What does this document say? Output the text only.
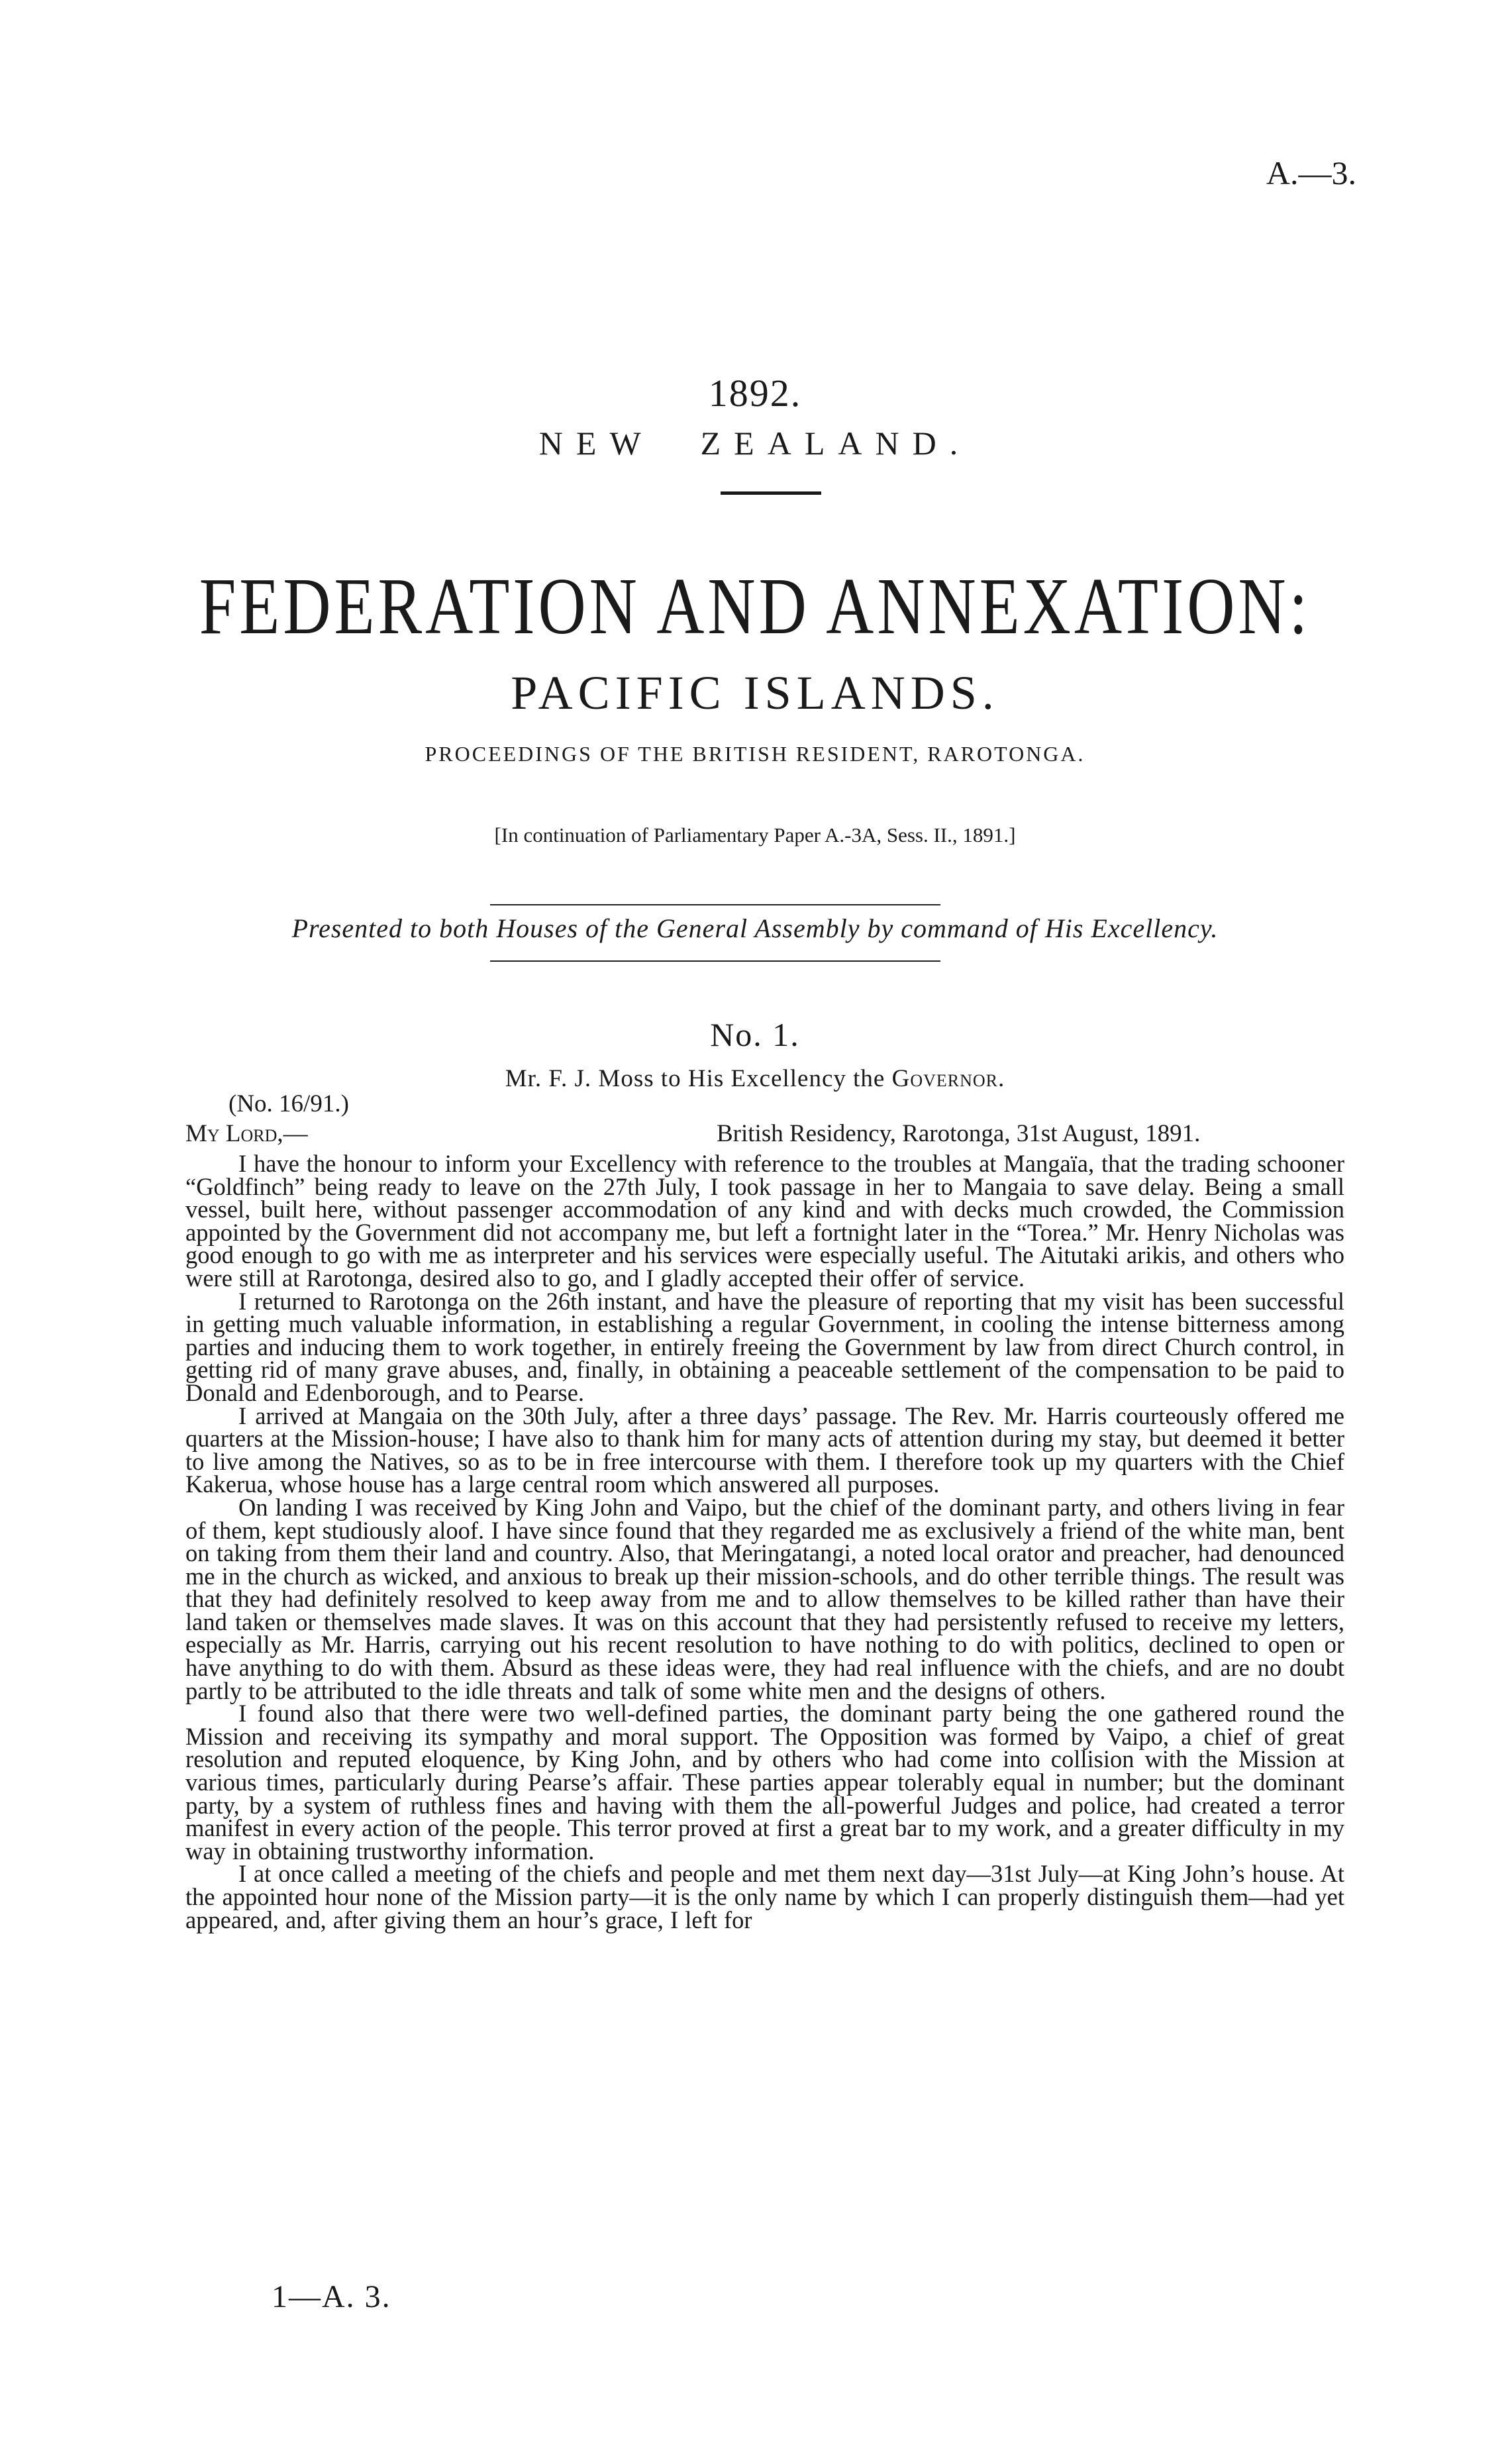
A.—3.
1892.
NEW ZEALAND.
FEDERATION AND ANNEXATION:
PACIFIC ISLANDS.
PROCEEDINGS OF THE BRITISH RESIDENT, RAROTONGA.
[In continuation of Parliamentary Paper A.-3A, Sess. II., 1891.]
Presented to both Houses of the General Assembly by command of His Excellency.
No. 1.
Mr. F. J. Moss to His Excellency the Governor.
(No. 16/91.)
My Lord,—	British Residency, Rarotonga, 31st August, 1891.

I have the honour to inform your Excellency with reference to the troubles at Mangaïa, that the trading schooner “Goldfinch” being ready to leave on the 27th July, I took passage in her to Mangaia to save delay. Being a small vessel, built here, without passenger accommodation of any kind and with decks much crowded, the Commission appointed by the Government did not accompany me, but left a fortnight later in the “Torea.” Mr. Henry Nicholas was good enough to go with me as interpreter and his services were especially useful. The Aitutaki arikis, and others who were still at Rarotonga, desired also to go, and I gladly accepted their offer of service.

I returned to Rarotonga on the 26th instant, and have the pleasure of reporting that my visit has been successful in getting much valuable information, in establishing a regular Government, in cooling the intense bitterness among parties and inducing them to work together, in entirely freeing the Government by law from direct Church control, in getting rid of many grave abuses, and, finally, in obtaining a peaceable settlement of the compensation to be paid to Donald and Edenborough, and to Pearse.

I arrived at Mangaia on the 30th July, after a three days’ passage. The Rev. Mr. Harris courteously offered me quarters at the Mission-house; I have also to thank him for many acts of attention during my stay, but deemed it better to live among the Natives, so as to be in free intercourse with them. I therefore took up my quarters with the Chief Kakerua, whose house has a large central room which answered all purposes.

On landing I was received by King John and Vaipo, but the chief of the dominant party, and others living in fear of them, kept studiously aloof. I have since found that they regarded me as exclusively a friend of the white man, bent on taking from them their land and country. Also, that Meringatangi, a noted local orator and preacher, had denounced me in the church as wicked, and anxious to break up their mission-schools, and do other terrible things. The result was that they had definitely resolved to keep away from me and to allow themselves to be killed rather than have their land taken or themselves made slaves. It was on this account that they had persistently refused to receive my letters, especially as Mr. Harris, carrying out his recent resolution to have nothing to do with politics, declined to open or have anything to do with them. Absurd as these ideas were, they had real influence with the chiefs, and are no doubt partly to be attributed to the idle threats and talk of some white men and the designs of others.

I found also that there were two well-defined parties, the dominant party being the one gathered round the Mission and receiving its sympathy and moral support. The Opposition was formed by Vaipo, a chief of great resolution and reputed eloquence, by King John, and by others who had come into collision with the Mission at various times, particularly during Pearse’s affair. These parties appear tolerably equal in number; but the dominant party, by a system of ruthless fines and having with them the all-powerful Judges and police, had created a terror manifest in every action of the people. This terror proved at first a great bar to my work, and a greater difficulty in my way in obtaining trustworthy information.

I at once called a meeting of the chiefs and people and met them next day—31st July—at King John’s house. At the appointed hour none of the Mission party—it is the only name by which I can properly distinguish them—had yet appeared, and, after giving them an hour’s grace, I left for

1—A. 3.
